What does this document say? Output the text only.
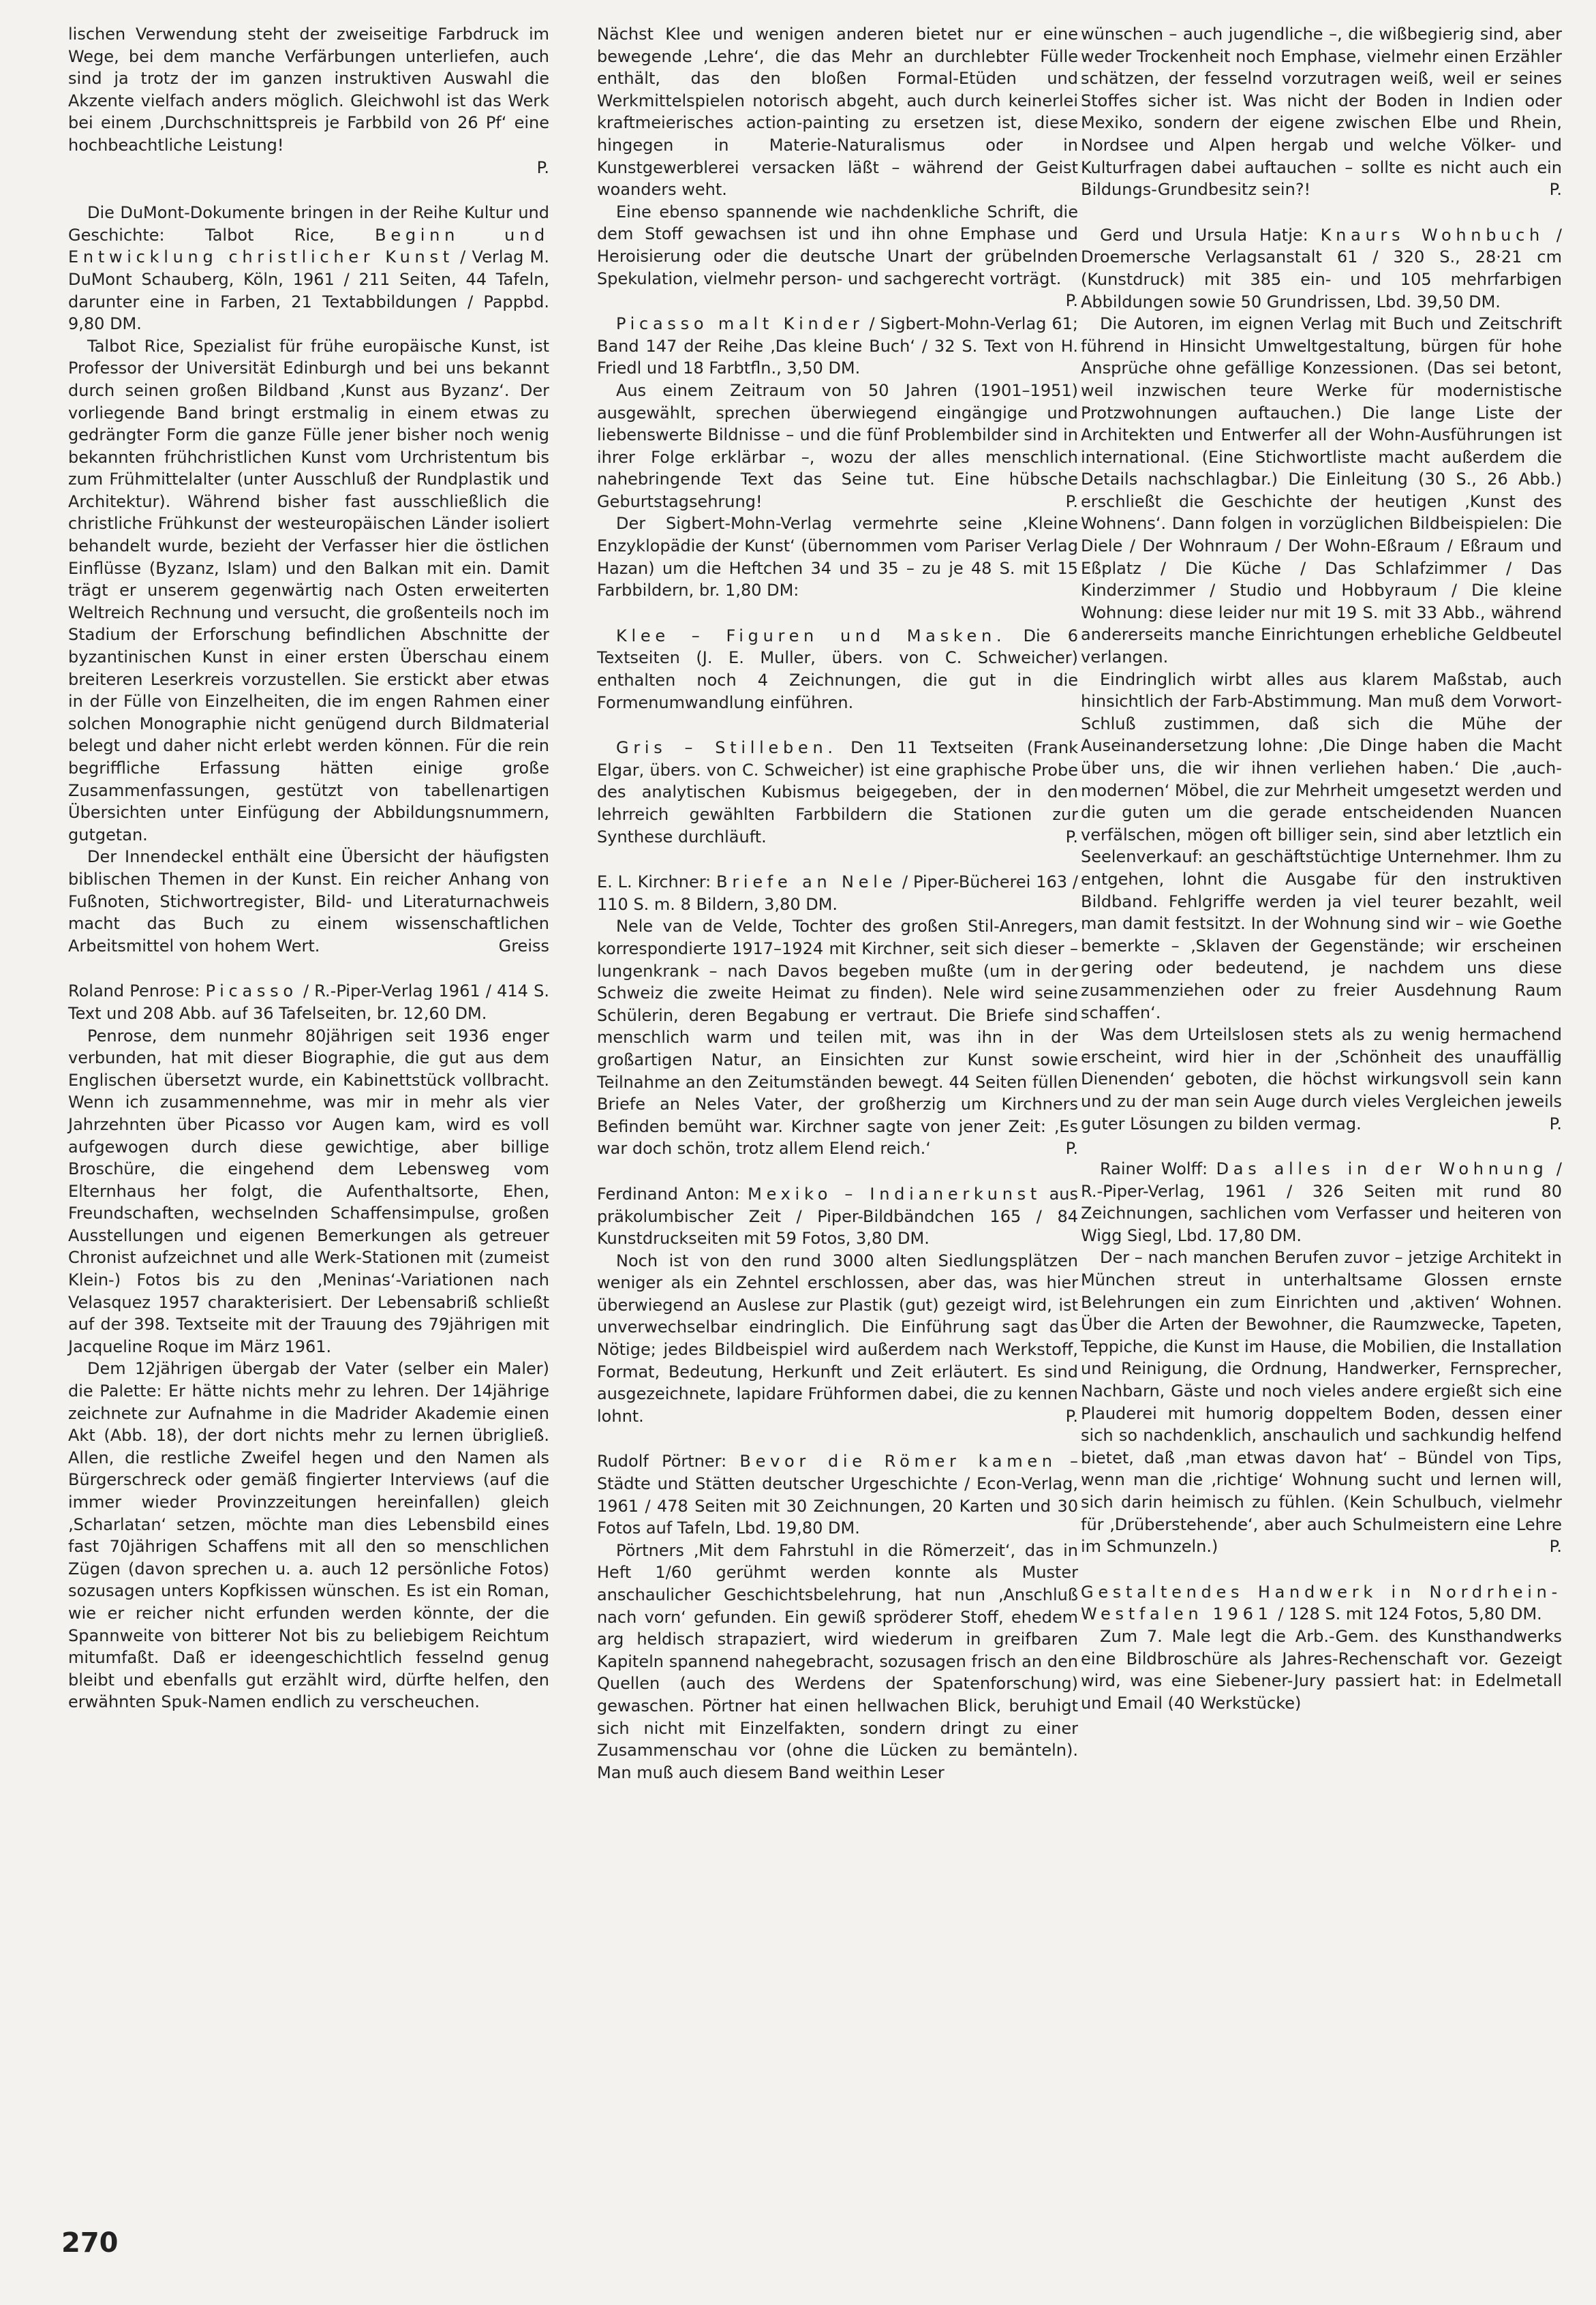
lischen Verwendung steht der zweiseitige Farbdruck im Wege, bei dem manche Verfärbungen unterliefen, auch sind ja trotz der im ganzen instruktiven Auswahl die Akzente vielfach anders möglich. Gleichwohl ist das Werk bei einem ‚Durchschnittspreis je Farbbild von 26 Pf‘ eine hochbeachtliche Leistung!

P.

Die DuMont-Dokumente bringen in der Reihe Kultur und Geschichte: Talbot Rice, Beginn und Entwicklung christlicher Kunst / Verlag M. DuMont Schauberg, Köln, 1961 / 211 Seiten, 44 Tafeln, darunter eine in Farben, 21 Textabbildungen / Pappbd. 9,80 DM.

Talbot Rice, Spezialist für frühe europäische Kunst, ist Professor der Universität Edinburgh und bei uns bekannt durch seinen großen Bildband ‚Kunst aus Byzanz‘. Der vorliegende Band bringt erstmalig in einem etwas zu gedrängter Form die ganze Fülle jener bisher noch wenig bekannten frühchristlichen Kunst vom Urchristentum bis zum Frühmittelalter (unter Ausschluß der Rundplastik und Architektur). Während bisher fast ausschließlich die christliche Frühkunst der westeuropäischen Länder isoliert behandelt wurde, bezieht der Verfasser hier die östlichen Einflüsse (Byzanz, Islam) und den Balkan mit ein. Damit trägt er unserem gegenwärtig nach Osten erweiterten Weltreich Rechnung und versucht, die großenteils noch im Stadium der Erforschung befindlichen Abschnitte der byzantinischen Kunst in einer ersten Überschau einem breiteren Leserkreis vorzustellen. Sie erstickt aber etwas in der Fülle von Einzelheiten, die im engen Rahmen einer solchen Monographie nicht genügend durch Bildmaterial belegt und daher nicht erlebt werden können. Für die rein begriffliche Erfassung hätten einige große Zusammenfassungen, gestützt von tabellenartigen Übersichten unter Einfügung der Abbildungsnummern, gutgetan.

Der Innendeckel enthält eine Übersicht der häufigsten biblischen Themen in der Kunst. Ein reicher Anhang von Fußnoten, Stichwortregister, Bild- und Literaturnachweis macht das Buch zu einem wissenschaftlichen Arbeitsmittel von hohem Wert.	Greiss

Roland Penrose: Picasso / R.-Piper-Verlag 1961 / 414 S. Text und 208 Abb. auf 36 Tafelseiten, br. 12,60 DM.

Penrose, dem nunmehr 80jährigen seit 1936 enger verbunden, hat mit dieser Biographie, die gut aus dem Englischen übersetzt wurde, ein Kabinettstück vollbracht. Wenn ich zusammennehme, was mir in mehr als vier Jahrzehnten über Picasso vor Augen kam, wird es voll aufgewogen durch diese gewichtige, aber billige Broschüre, die eingehend dem Lebensweg vom Elternhaus her folgt, die Aufenthaltsorte, Ehen, Freundschaften, wechselnden Schaffensimpulse, großen Ausstellungen und eigenen Bemerkungen als getreuer Chronist aufzeichnet und alle Werk-Stationen mit (zumeist Klein-) Fotos bis zu den ‚Meninas‘-Variationen nach Velasquez 1957 charakterisiert. Der Lebensabriß schließt auf der 398. Textseite mit der Trauung des 79jährigen mit Jacqueline Roque im März 1961.

Dem 12jährigen übergab der Vater (selber ein Maler) die Palette: Er hätte nichts mehr zu lehren. Der 14jährige zeichnete zur Aufnahme in die Madrider Akademie einen Akt (Abb. 18), der dort nichts mehr zu lernen übrigließ. Allen, die restliche Zweifel hegen und den Namen als Bürgerschreck oder gemäß fingierter Interviews (auf die immer wieder Provinzzeitungen hereinfallen) gleich ‚Scharlatan‘ setzen, möchte man dies Lebensbild eines fast 70jährigen Schaffens mit all den so menschlichen Zügen (davon sprechen u. a. auch 12 persönliche Fotos) sozusagen unters Kopfkissen wünschen. Es ist ein Roman, wie er reicher nicht erfunden werden könnte, der die Spannweite von bitterer Not bis zu beliebigem Reichtum mitumfaßt. Daß er ideengeschichtlich fesselnd genug bleibt und ebenfalls gut erzählt wird, dürfte helfen, den erwähnten Spuk-Namen endlich zu verscheuchen.

Nächst Klee und wenigen anderen bietet nur er eine bewegende ‚Lehre‘, die das Mehr an durchlebter Fülle enthält, das den bloßen Formal-Etüden und Werkmittelspielen notorisch abgeht, auch durch keinerlei kraftmeierisches action-painting zu ersetzen ist, diese hingegen in Materie-Naturalismus oder in Kunstgewerblerei versacken läßt – während der Geist woanders weht.

Eine ebenso spannende wie nachdenkliche Schrift, die dem Stoff gewachsen ist und ihn ohne Emphase und Heroisierung oder die deutsche Unart der grübelnden Spekulation, vielmehr person- und sachgerecht vorträgt.
P.

Picasso malt Kinder / Sigbert-Mohn-Verlag 61; Band 147 der Reihe ‚Das kleine Buch‘ / 32 S. Text von H. Friedl und 18 Farbtfln., 3,50 DM.

Aus einem Zeitraum von 50 Jahren (1901–1951) ausgewählt, sprechen überwiegend eingängige und liebenswerte Bildnisse – und die fünf Problembilder sind in ihrer Folge erklärbar –, wozu der alles menschlich nahebringende Text das Seine tut. Eine hübsche Geburtstagsehrung!	P.

Der Sigbert-Mohn-Verlag vermehrte seine ‚Kleine Enzyklopädie der Kunst‘ (übernommen vom Pariser Verlag Hazan) um die Heftchen 34 und 35 – zu je 48 S. mit 15 Farbbildern, br. 1,80 DM:

Klee – Figuren und Masken. Die 6 Textseiten (J. E. Muller, übers. von C. Schweicher) enthalten noch 4 Zeichnungen, die gut in die Formenumwandlung einführen.

Gris – Stilleben. Den 11 Textseiten (Frank Elgar, übers. von C. Schweicher) ist eine graphische Probe des analytischen Kubismus beigegeben, der in den lehrreich gewählten Farbbildern die Stationen zur Synthese durchläuft.	P.

E. L. Kirchner: Briefe an Nele / Piper-Bücherei 163 / 110 S. m. 8 Bildern, 3,80 DM.

Nele van de Velde, Tochter des großen Stil-Anregers, korrespondierte 1917–1924 mit Kirchner, seit sich dieser – lungenkrank – nach Davos begeben mußte (um in der Schweiz die zweite Heimat zu finden). Nele wird seine Schülerin, deren Begabung er vertraut. Die Briefe sind menschlich warm und teilen mit, was ihn in der großartigen Natur, an Einsichten zur Kunst sowie Teilnahme an den Zeitumständen bewegt. 44 Seiten füllen Briefe an Neles Vater, der großherzig um Kirchners Befinden bemüht war. Kirchner sagte von jener Zeit: ‚Es war doch schön, trotz allem Elend reich.‘	P.

Ferdinand Anton: Mexiko – Indianerkunst aus präkolumbischer Zeit / Piper-Bildbändchen 165 / 84 Kunstdruckseiten mit 59 Fotos, 3,80 DM.

Noch ist von den rund 3000 alten Siedlungsplätzen weniger als ein Zehntel erschlossen, aber das, was hier überwiegend an Auslese zur Plastik (gut) gezeigt wird, ist unverwechselbar eindringlich. Die Einführung sagt das Nötige; jedes Bildbeispiel wird außerdem nach Werkstoff, Format, Bedeutung, Herkunft und Zeit erläutert. Es sind ausgezeichnete, lapidare Frühformen dabei, die zu kennen lohnt.	P.

Rudolf Pörtner: Bevor die Römer kamen – Städte und Stätten deutscher Urgeschichte / Econ-Verlag, 1961 / 478 Seiten mit 30 Zeichnungen, 20 Karten und 30 Fotos auf Tafeln, Lbd. 19,80 DM.

Pörtners ‚Mit dem Fahrstuhl in die Römerzeit‘, das in Heft 1/60 gerühmt werden konnte als Muster anschaulicher Geschichtsbelehrung, hat nun ‚Anschluß nach vorn‘ gefunden. Ein gewiß spröderer Stoff, ehedem arg heldisch strapaziert, wird wiederum in greifbaren Kapiteln spannend nahegebracht, sozusagen frisch an den Quellen (auch des Werdens der Spatenforschung) gewaschen. Pörtner hat einen hellwachen Blick, beruhigt sich nicht mit Einzelfakten, sondern dringt zu einer Zusammenschau vor (ohne die Lücken zu bemänteln). Man muß auch diesem Band weithin Leser

wünschen – auch jugendliche –, die wißbegierig sind, aber weder Trockenheit noch Emphase, vielmehr einen Erzähler schätzen, der fesselnd vorzutragen weiß, weil er seines Stoffes sicher ist. Was nicht der Boden in Indien oder Mexiko, sondern der eigene zwischen Elbe und Rhein, Nordsee und Alpen hergab und welche Völker- und Kulturfragen dabei auftauchen – sollte es nicht auch ein Bildungs-Grundbesitz sein?!	P.

Gerd und Ursula Hatje: Knaurs Wohnbuch / Droemersche Verlagsanstalt 61 / 320 S., 28·21 cm (Kunstdruck) mit 385 ein- und 105 mehrfarbigen Abbildungen sowie 50 Grundrissen, Lbd. 39,50 DM.

Die Autoren, im eignen Verlag mit Buch und Zeitschrift führend in Hinsicht Umweltgestaltung, bürgen für hohe Ansprüche ohne gefällige Konzessionen. (Das sei betont, weil inzwischen teure Werke für modernistische Protzwohnungen auftauchen.) Die lange Liste der Architekten und Entwerfer all der Wohn-Ausführungen ist international. (Eine Stichwortliste macht außerdem die Details nachschlagbar.) Die Einleitung (30 S., 26 Abb.) erschließt die Geschichte der heutigen ‚Kunst des Wohnens‘. Dann folgen in vorzüglichen Bildbeispielen: Die Diele / Der Wohnraum / Der Wohn-Eßraum / Eßraum und Eßplatz / Die Küche / Das Schlafzimmer / Das Kinderzimmer / Studio und Hobbyraum / Die kleine Wohnung: diese leider nur mit 19 S. mit 33 Abb., während andererseits manche Einrichtungen erhebliche Geldbeutel verlangen.

Eindringlich wirbt alles aus klarem Maßstab, auch hinsichtlich der Farb-Abstimmung. Man muß dem Vorwort-Schluß zustimmen, daß sich die Mühe der Auseinandersetzung lohne: ‚Die Dinge haben die Macht über uns, die wir ihnen verliehen haben.‘ Die ‚auch-modernen‘ Möbel, die zur Mehrheit umgesetzt werden und die guten um die gerade entscheidenden Nuancen verfälschen, mögen oft billiger sein, sind aber letztlich ein Seelenverkauf: an geschäftstüchtige Unternehmer. Ihm zu entgehen, lohnt die Ausgabe für den instruktiven Bildband. Fehlgriffe werden ja viel teurer bezahlt, weil man damit festsitzt. In der Wohnung sind wir – wie Goethe bemerkte – ‚Sklaven der Gegenstände; wir erscheinen gering oder bedeutend, je nachdem uns diese zusammenziehen oder zu freier Ausdehnung Raum schaffen‘.

Was dem Urteilslosen stets als zu wenig hermachend erscheint, wird hier in der ‚Schönheit des unauffällig Dienenden‘ geboten, die höchst wirkungsvoll sein kann und zu der man sein Auge durch vieles Vergleichen jeweils guter Lösungen zu bilden vermag.	P.

Rainer Wolff: Das alles in der Wohnung / R.-Piper-Verlag, 1961 / 326 Seiten mit rund 80 Zeichnungen, sachlichen vom Verfasser und heiteren von Wigg Siegl, Lbd. 17,80 DM.

Der – nach manchen Berufen zuvor – jetzige Architekt in München streut in unterhaltsame Glossen ernste Belehrungen ein zum Einrichten und ‚aktiven‘ Wohnen. Über die Arten der Bewohner, die Raumzwecke, Tapeten, Teppiche, die Kunst im Hause, die Mobilien, die Installation und Reinigung, die Ordnung, Handwerker, Fernsprecher, Nachbarn, Gäste und noch vieles andere ergießt sich eine Plauderei mit humorig doppeltem Boden, dessen einer sich so nachdenklich, anschaulich und sachkundig helfend bietet, daß ‚man etwas davon hat‘ – Bündel von Tips, wenn man die ‚richtige‘ Wohnung sucht und lernen will, sich darin heimisch zu fühlen. (Kein Schulbuch, vielmehr für ‚Drüberstehende‘, aber auch Schulmeistern eine Lehre im Schmunzeln.)	P.

Gestaltendes Handwerk in Nordrhein-Westfalen 1961 / 128 S. mit 124 Fotos, 5,80 DM.

Zum 7. Male legt die Arb.-Gem. des Kunsthandwerks eine Bildbroschüre als Jahres-Rechenschaft vor. Gezeigt wird, was eine Siebener-Jury passiert hat: in Edelmetall und Email (40 Werkstücke)

270
